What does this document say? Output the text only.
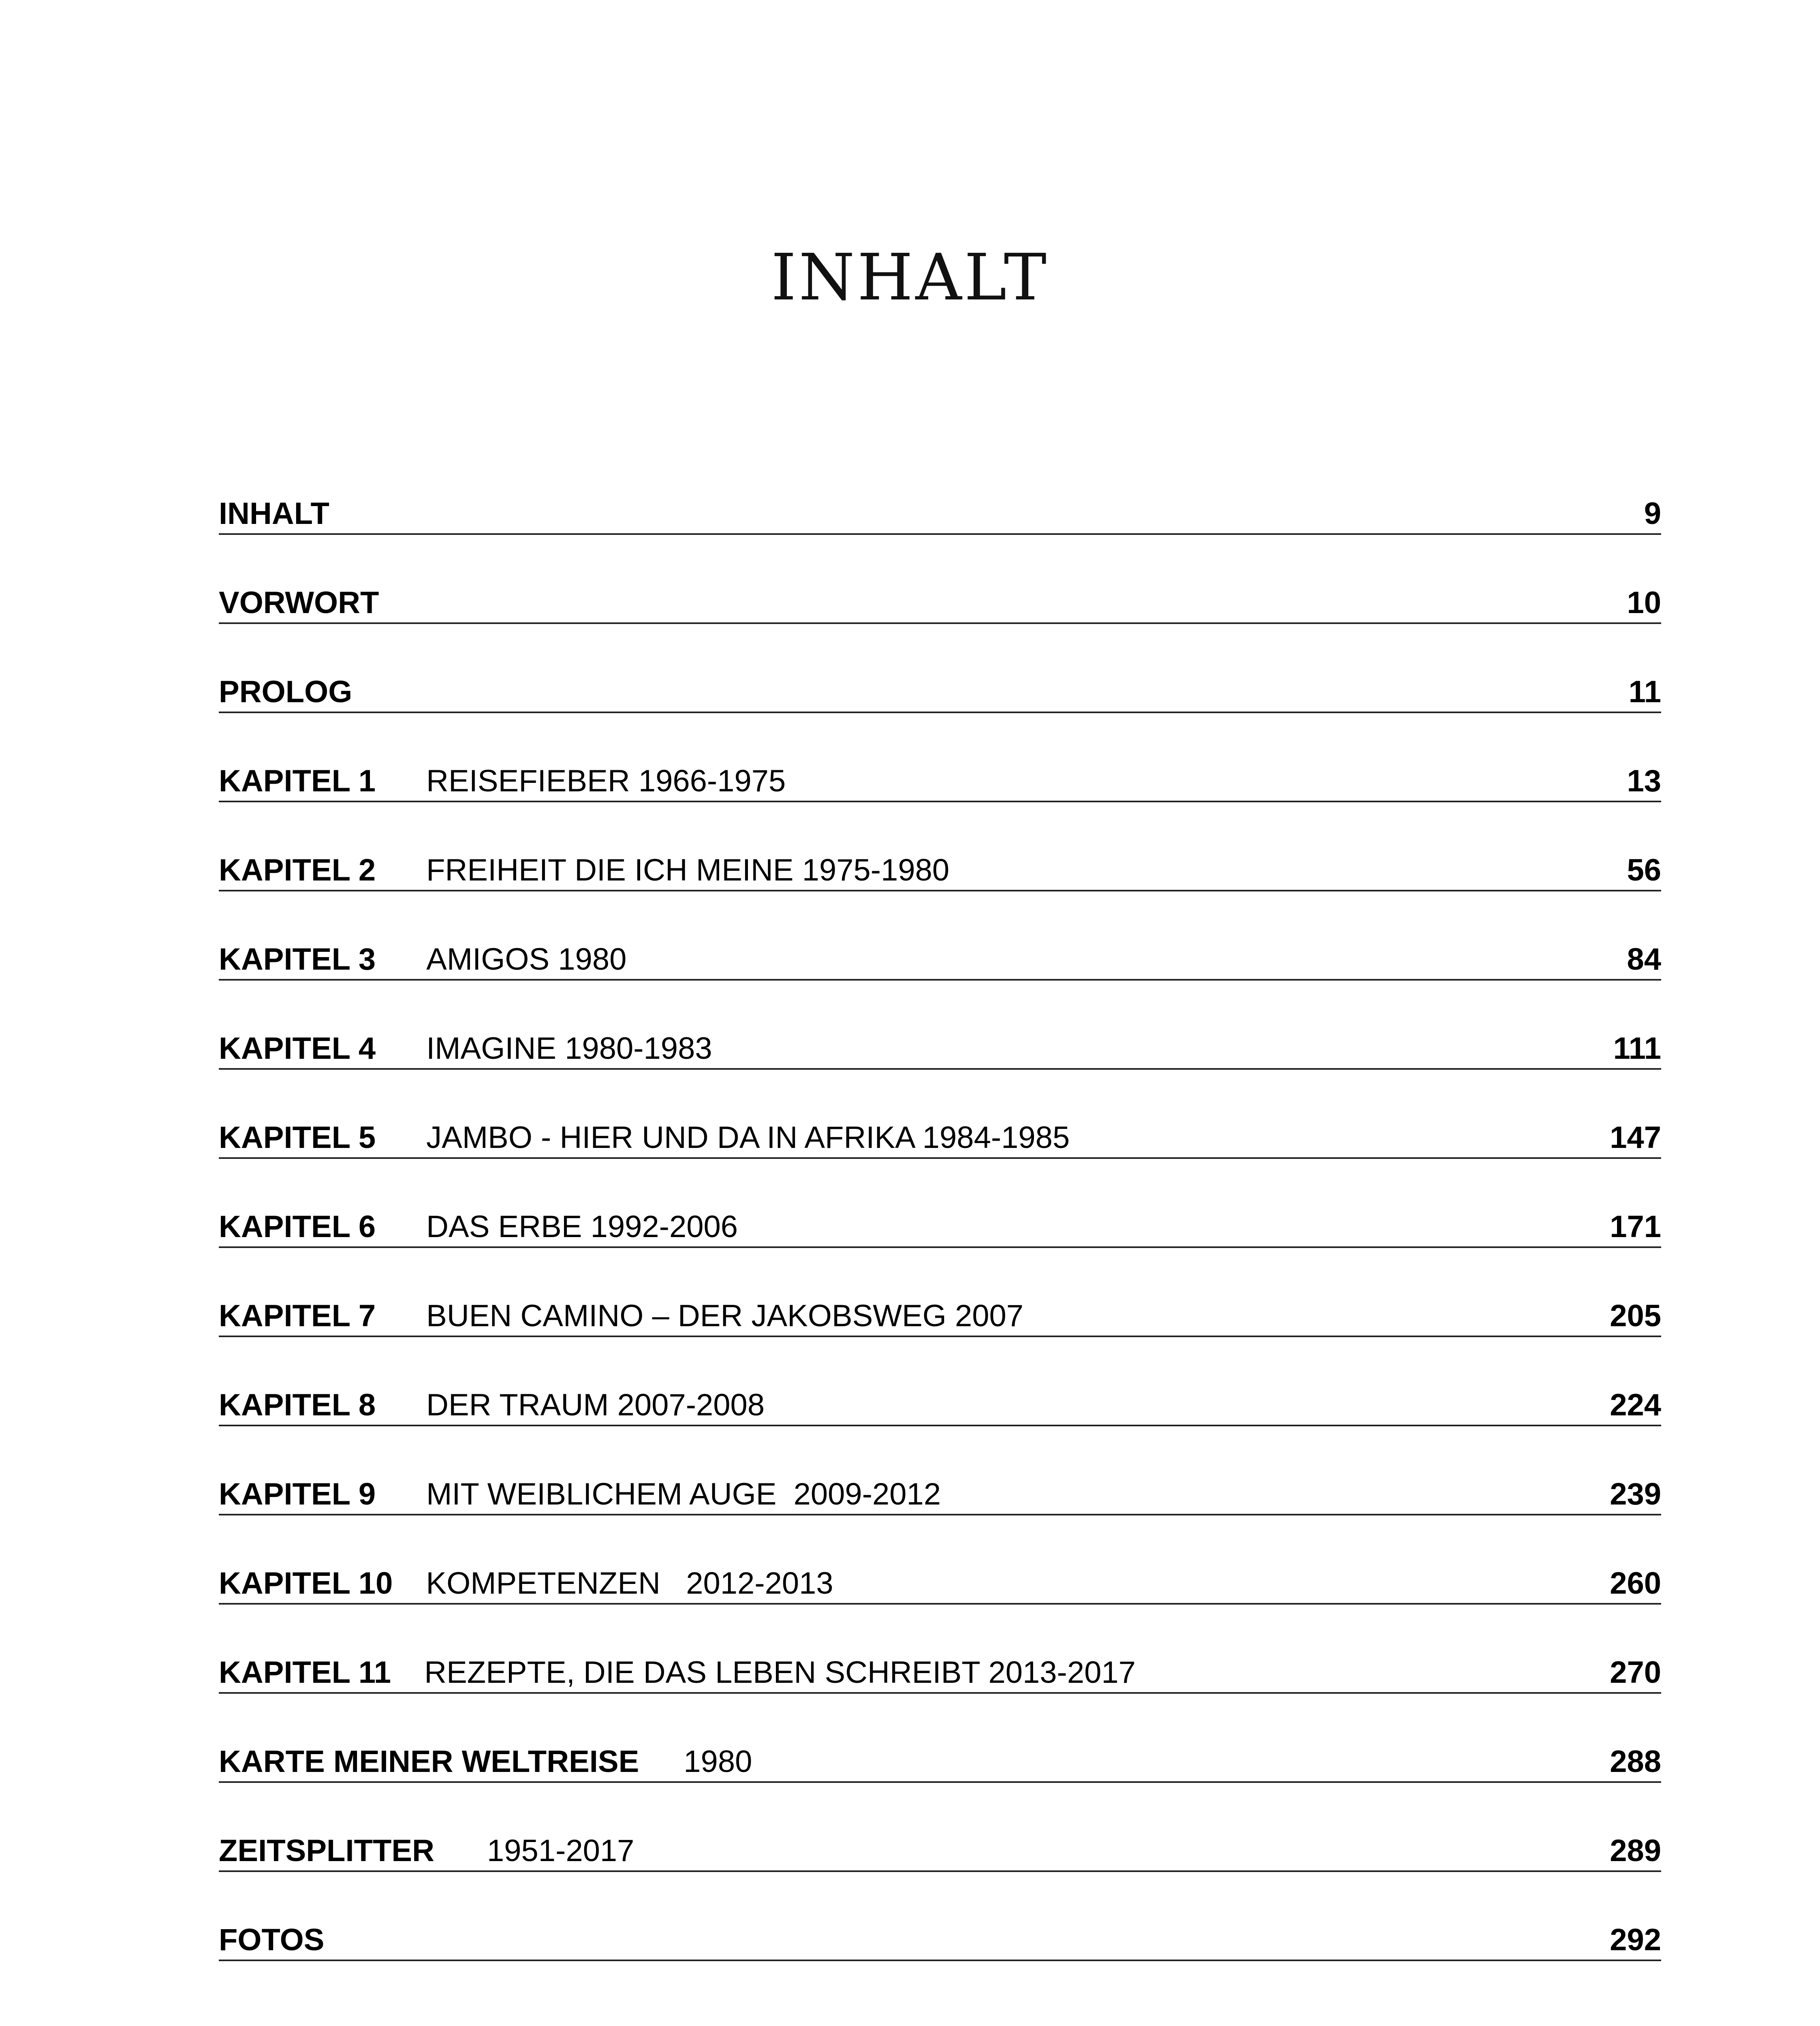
INHALT
INHALT	9
VORWORT	10
PROLOG	11
KAPITEL 1 REISEFIEBER 1966-1975	13
KAPITEL 2 FREIHEIT DIE ICH MEINE 1975-1980	56
KAPITEL 3 AMIGOS 1980	84
KAPITEL 4 IMAGINE 1980-1983	111
KAPITEL 5 JAMBO - HIER UND DA IN AFRIKA 1984-1985	147
KAPITEL 6 DAS ERBE 1992-2006	171
KAPITEL 7 BUEN CAMINO – DER JAKOBSWEG 2007	205
KAPITEL 8 DER TRAUM 2007-2008	224
KAPITEL 9 MIT WEIBLICHEM AUGE  2009-2012	239
KAPITEL 10 KOMPETENZEN   2012-2013	260
KAPITEL 11 REZEPTE, DIE DAS LEBEN SCHREIBT 2013-2017	270
KARTE MEINER WELTREISE 1980	288
ZEITSPLITTER 1951-2017	289
FOTOS	292
